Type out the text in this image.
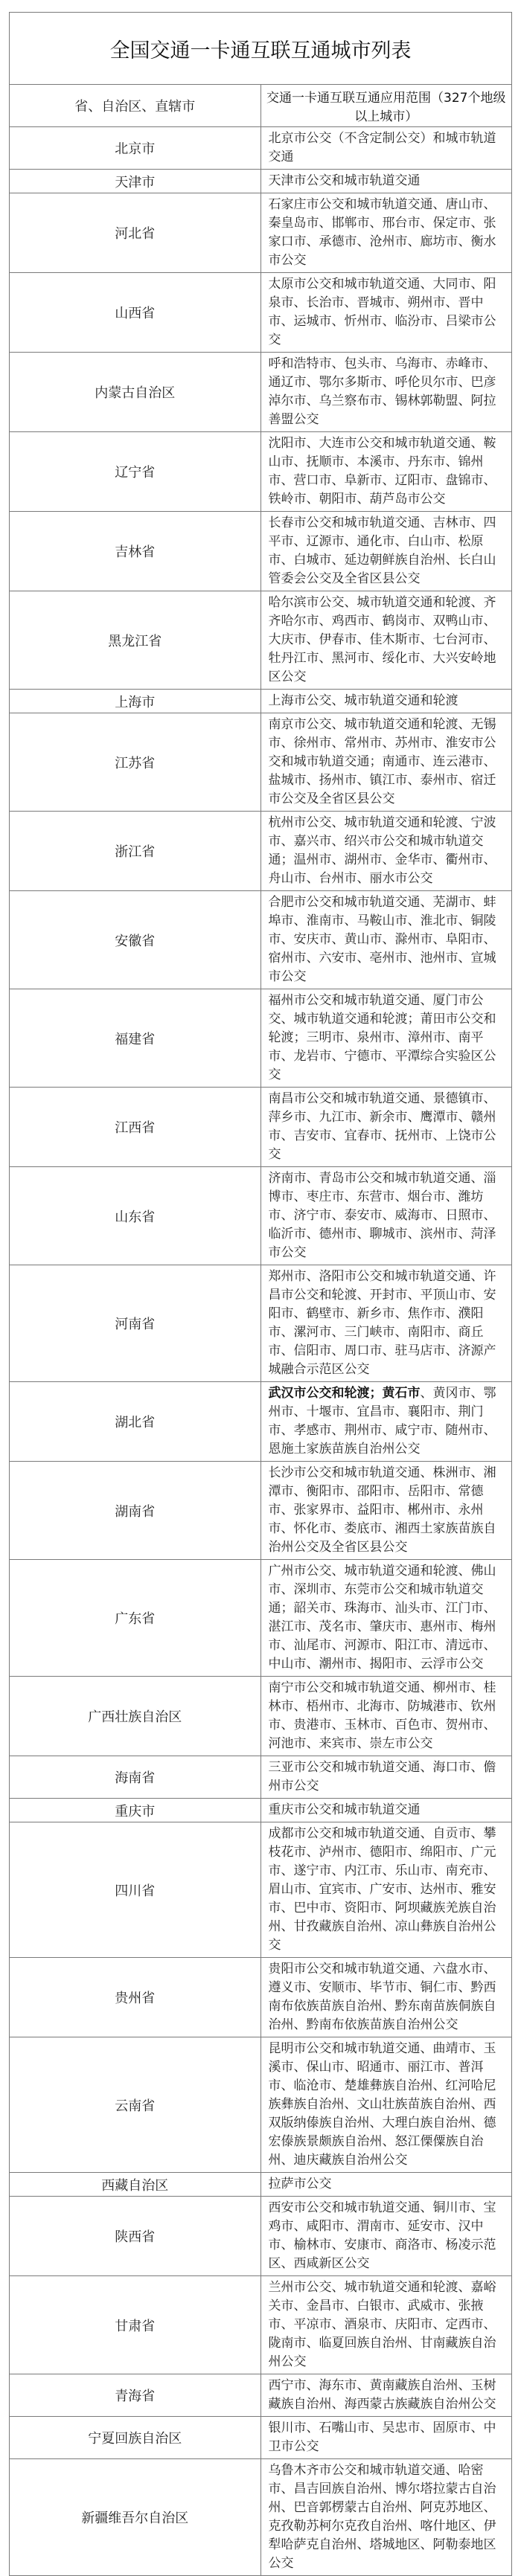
全国交通一卡通互联互通城市列表	
省、自治区、直辖市	交通一卡通互联互通应用范围（327个地级以上城市）
北京市	北京市公交（不含定制公交）和城市轨道交通
天津市	天津市公交和城市轨道交通
河北省	石家庄市公交和城市轨道交通、唐山市、秦皇岛市、邯郸市、邢台市、保定市、张家口市、承德市、沧州市、廊坊市、衡水市公交
山西省	太原市公交和城市轨道交通、大同市、阳泉市、长治市、晋城市、朔州市、晋中市、运城市、忻州市、临汾市、吕梁市公交
内蒙古自治区	呼和浩特市、包头市、乌海市、赤峰市、通辽市、鄂尔多斯市、呼伦贝尔市、巴彦淖尔市、乌兰察布市、锡林郭勒盟、阿拉善盟公交
辽宁省	沈阳市、大连市公交和城市轨道交通、鞍山市、抚顺市、本溪市、丹东市、锦州市、营口市、阜新市、辽阳市、盘锦市、铁岭市、朝阳市、葫芦岛市公交
吉林省	长春市公交和城市轨道交通、吉林市、四平市、辽源市、通化市、白山市、松原市、白城市、延边朝鲜族自治州、长白山管委会公交及全省区县公交
黑龙江省	哈尔滨市公交、城市轨道交通和轮渡、齐齐哈尔市、鸡西市、鹤岗市、双鸭山市、大庆市、伊春市、佳木斯市、七台河市、牡丹江市、黑河市、绥化市、大兴安岭地区公交
上海市	上海市公交、城市轨道交通和轮渡
江苏省	南京市公交、城市轨道交通和轮渡、无锡市、徐州市、常州市、苏州市、淮安市公交和城市轨道交通；南通市、连云港市、盐城市、扬州市、镇江市、泰州市、宿迁市公交及全省区县公交
浙江省	杭州市公交、城市轨道交通和轮渡、宁波市、嘉兴市、绍兴市公交和城市轨道交通；温州市、湖州市、金华市、衢州市、舟山市、台州市、丽水市公交
安徽省	合肥市公交和城市轨道交通、芜湖市、蚌埠市、淮南市、马鞍山市、淮北市、铜陵市、安庆市、黄山市、滁州市、阜阳市、宿州市、六安市、亳州市、池州市、宣城市公交
福建省	福州市公交和城市轨道交通、厦门市公交、城市轨道交通和轮渡；莆田市公交和轮渡；三明市、泉州市、漳州市、南平市、龙岩市、宁德市、平潭综合实验区公交
江西省	南昌市公交和城市轨道交通、景德镇市、萍乡市、九江市、新余市、鹰潭市、赣州市、吉安市、宜春市、抚州市、上饶市公交
山东省	济南市、青岛市公交和城市轨道交通、淄博市、枣庄市、东营市、烟台市、潍坊市、济宁市、泰安市、威海市、日照市、临沂市、德州市、聊城市、滨州市、菏泽市公交
河南省	郑州市、洛阳市公交和城市轨道交通、许昌市公交和轮渡、开封市、平顶山市、安阳市、鹤壁市、新乡市、焦作市、濮阳市、漯河市、三门峡市、南阳市、商丘市、信阳市、周口市、驻马店市、济源产城融合示范区公交
湖北省	武汉市公交和轮渡；黄石市、黄冈市、鄂州市、十堰市、宜昌市、襄阳市、荆门市、孝感市、荆州市、咸宁市、随州市、恩施土家族苗族自治州公交
湖南省	长沙市公交和城市轨道交通、株洲市、湘潭市、衡阳市、邵阳市、岳阳市、常德市、张家界市、益阳市、郴州市、永州市、怀化市、娄底市、湘西土家族苗族自治州公交及全省区县公交
广东省	广州市公交、城市轨道交通和轮渡、佛山市、深圳市、东莞市公交和城市轨道交通；韶关市、珠海市、汕头市、江门市、湛江市、茂名市、肇庆市、惠州市、梅州市、汕尾市、河源市、阳江市、清远市、中山市、潮州市、揭阳市、云浮市公交
广西壮族自治区	南宁市公交和城市轨道交通、柳州市、桂林市、梧州市、北海市、防城港市、钦州市、贵港市、玉林市、百色市、贺州市、河池市、来宾市、崇左市公交
海南省	三亚市公交和城市轨道交通、海口市、儋州市公交
重庆市	重庆市公交和城市轨道交通
四川省	成都市公交和城市轨道交通、自贡市、攀枝花市、泸州市、德阳市、绵阳市、广元市、遂宁市、内江市、乐山市、南充市、眉山市、宜宾市、广安市、达州市、雅安市、巴中市、资阳市、阿坝藏族羌族自治州、甘孜藏族自治州、凉山彝族自治州公交
贵州省	贵阳市公交和城市轨道交通、六盘水市、遵义市、安顺市、毕节市、铜仁市、黔西南布依族苗族自治州、黔东南苗族侗族自治州、黔南布依族苗族自治州公交
云南省	昆明市公交和城市轨道交通、曲靖市、玉溪市、保山市、昭通市、丽江市、普洱市、临沧市、楚雄彝族自治州、红河哈尼族彝族自治州、文山壮族苗族自治州、西双版纳傣族自治州、大理白族自治州、德宏傣族景颇族自治州、怒江傈僳族自治州、迪庆藏族自治州公交
西藏自治区	拉萨市公交
陕西省	西安市公交和城市轨道交通、铜川市、宝鸡市、咸阳市、渭南市、延安市、汉中市、榆林市、安康市、商洛市、杨凌示范区、西咸新区公交
甘肃省	兰州市公交、城市轨道交通和轮渡、嘉峪关市、金昌市、白银市、武威市、张掖市、平凉市、酒泉市、庆阳市、定西市、陇南市、临夏回族自治州、甘南藏族自治州公交
青海省	西宁市、海东市、黄南藏族自治州、玉树藏族自治州、海西蒙古族藏族自治州公交
宁夏回族自治区	银川市、石嘴山市、吴忠市、固原市、中卫市公交
新疆维吾尔自治区	乌鲁木齐市公交和城市轨道交通、哈密市、昌吉回族自治州、博尔塔拉蒙古自治州、巴音郭楞蒙古自治州、阿克苏地区、克孜勒苏柯尔克孜自治州、喀什地区、伊犁哈萨克自治州、塔城地区、阿勒泰地区公交
